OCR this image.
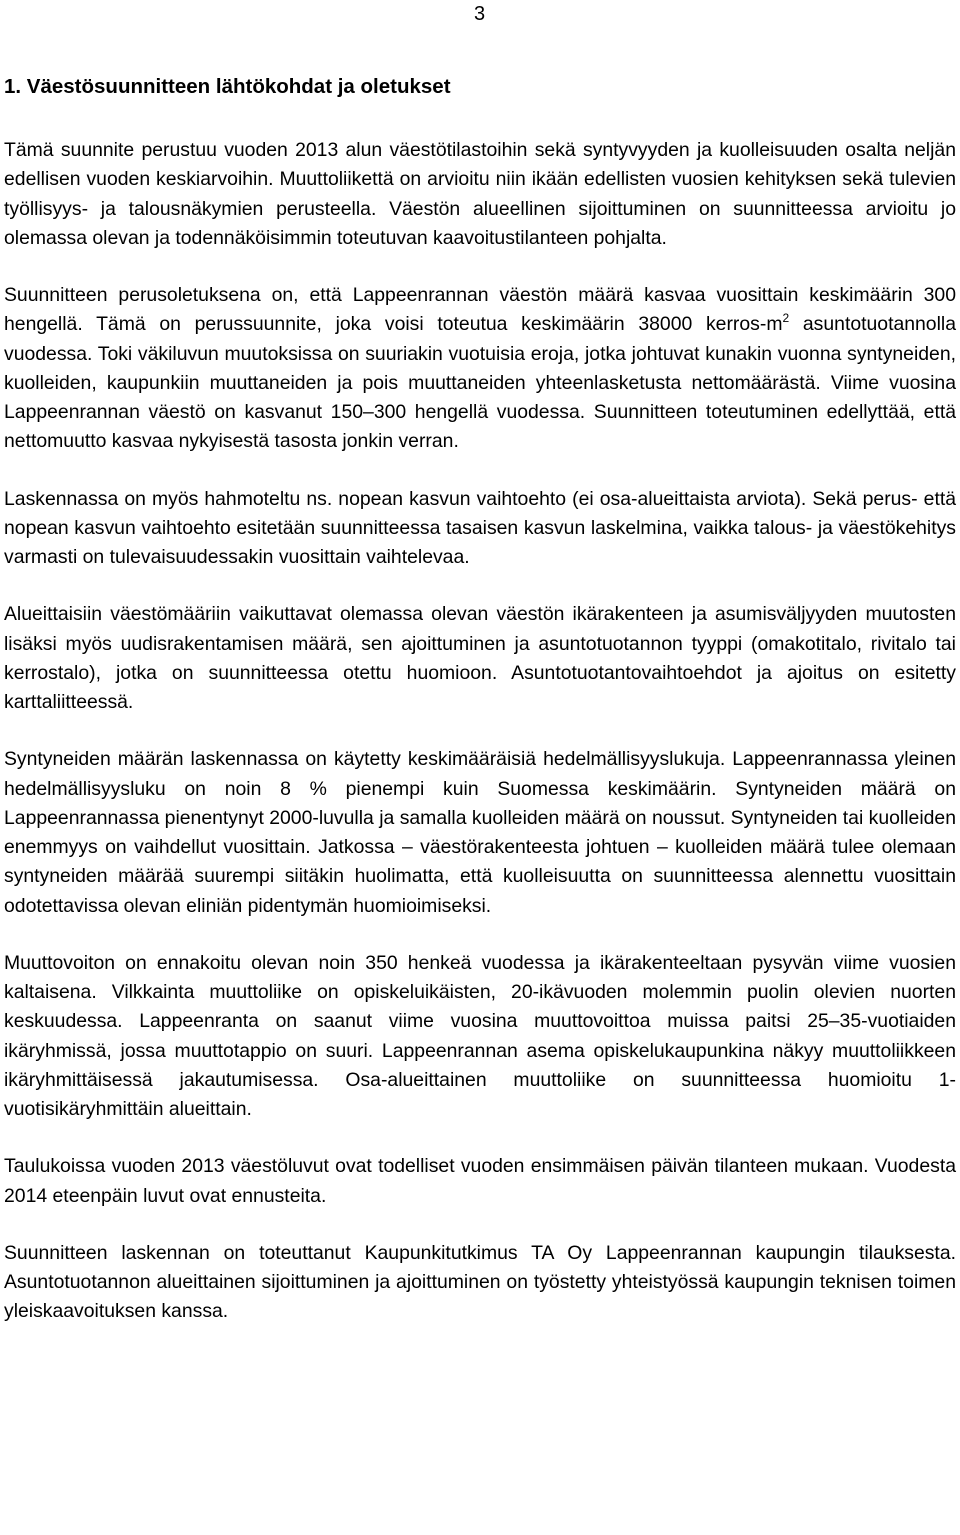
3
1. Väestösuunnitteen lähtökohdat ja oletukset

Tämä suunnite perustuu vuoden 2013 alun väestötilastoihin sekä syntyvyyden ja kuolleisuuden osalta neljän edellisen vuoden keskiarvoihin. Muuttoliikettä on arvioitu niin ikään edellisten vuosien kehityksen sekä tulevien työllisyys- ja talousnäkymien perusteella. Väestön alueellinen sijoittuminen on suunnitteessa arvioitu jo olemassa olevan ja todennäköisimmin toteutuvan kaavoitustilanteen pohjalta.

Suunnitteen perusoletuksena on, että Lappeenrannan väestön määrä kasvaa vuosittain keskimäärin 300 hengellä. Tämä on perussuunnite, joka voisi toteutua keskimäärin 38000 kerros-$m^2$ asuntotuotannolla vuodessa. Toki väkiluvun muutoksissa on suuriakin vuotuisia eroja, jotka johtuvat kunakin vuonna syntyneiden, kuolleiden, kaupunkiin muuttaneiden ja pois muuttaneiden yhteenlasketusta nettomäärästä. Viime vuosina Lappeenrannan väestö on kasvanut 150–300 hengellä vuodessa. Suunnitteen toteutuminen edellyttää, että nettomuutto kasvaa nykyisestä tasosta jonkin verran.

Laskennassa on myös hahmoteltu ns. nopean kasvun vaihtoehto (ei osa-alueittaista arviota). Sekä perus- että nopean kasvun vaihtoehto esitetään suunnitteessa tasaisen kasvun laskelmina, vaikka talous- ja väestökehitys varmasti on tulevaisuudessakin vuosittain vaihtelevaa.

Alueittaisiin väestömääriin vaikuttavat olemassa olevan väestön ikärakenteen ja asumisväljyyden muutosten lisäksi myös uudisrakentamisen määrä, sen ajoittuminen ja asuntotuotannon tyyppi (omakotitalo, rivitalo tai kerrostalo), jotka on suunnitteessa otettu huomioon. Asuntotuotantovaihtoehdot ja ajoitus on esitetty karttaliitteessä.

Syntyneiden määrän laskennassa on käytetty keskimääräisiä hedelmällisyyslukuja. Lappeenrannassa yleinen hedelmällisyysluku on noin 8 % pienempi kuin Suomessa keskimäärin. Syntyneiden määrä on Lappeenrannassa pienentynyt 2000-luvulla ja samalla kuolleiden määrä on noussut. Syntyneiden tai kuolleiden enemmyys on vaihdellut vuosittain. Jatkossa – väestörakenteesta johtuen – kuolleiden määrä tulee olemaan syntyneiden määrää suurempi siitäkin huolimatta, että kuolleisuutta on suunnitteessa alennettu vuosittain odotettavissa olevan eliniän pidentymän huomioimiseksi.

Muuttovoiton on ennakoitu olevan noin 350 henkeä vuodessa ja ikärakenteeltaan pysyvän viime vuosien kaltaisena. Vilkkainta muuttoliike on opiskeluikäisten, 20-ikävuoden molemmin puolin olevien nuorten keskuudessa. Lappeenranta on saanut viime vuosina muuttovoittoa muissa paitsi 25–35-vuotiaiden ikäryhmissä, jossa muuttotappio on suuri. Lappeenrannan asema opiskelukaupunkina näkyy muuttoliikkeen ikäryhmittäisessä jakautumisessa. Osa-alueittainen muuttoliike on suunnitteessa huomioitu 1-vuotisikäryhmittäin alueittain.

Taulukoissa vuoden 2013 väestöluvut ovat todelliset vuoden ensimmäisen päivän tilanteen mukaan. Vuodesta 2014 eteenpäin luvut ovat ennusteita.

Suunnitteen laskennan on toteuttanut Kaupunkitutkimus TA Oy Lappeenrannan kaupungin tilauksesta. Asuntotuotannon alueittainen sijoittuminen ja ajoittuminen on työstetty yhteistyössä kaupungin teknisen toimen yleiskaavoituksen kanssa.
